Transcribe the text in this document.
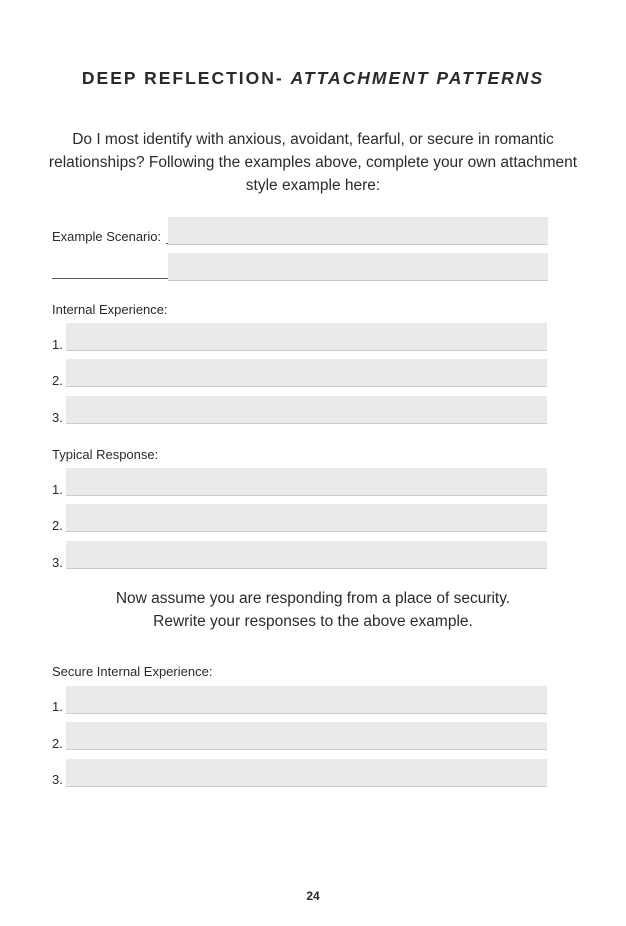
DEEP REFLECTION- ATTACHMENT PATTERNS
Do I most identify with anxious, avoidant, fearful, or secure in romantic relationships? Following the examples above, complete your own attachment style example here:
Example Scenario:
Internal Experience:
1.
2.
3.
Typical Response:
1.
2.
3.
Now assume you are responding from a place of security.
Rewrite your responses to the above example.
Secure Internal Experience:
1.
2.
3.
24
